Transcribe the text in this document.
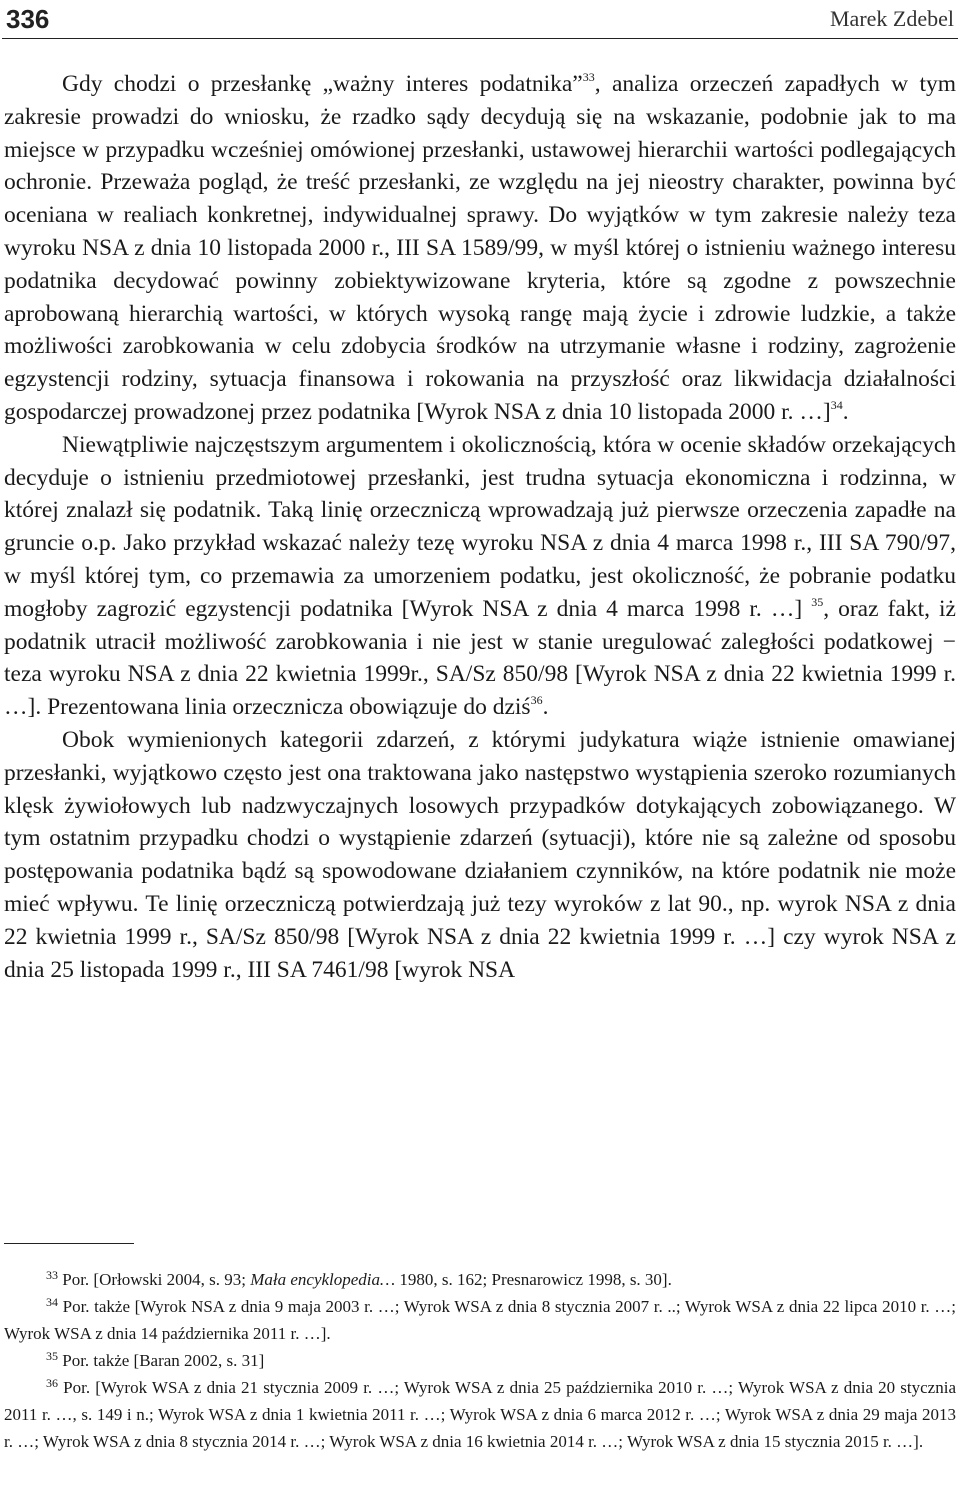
336	Marek Zdebel

Gdy chodzi o przesłankę „ważny interes podatnika”$^{33}$, analiza orzeczeń zapadłych w tym zakresie prowadzi do wniosku, że rzadko sądy decydują się na wskazanie, podobnie jak to ma miejsce w przypadku wcześniej omówionej przesłanki, ustawowej hierarchii wartości podlegających ochronie. Przeważa pogląd, że treść przesłanki, ze względu na jej nieostry charakter, powinna być oceniana w realiach konkretnej, indywidualnej sprawy. Do wyjątków w tym zakresie należy teza wyroku NSA z dnia 10 listopada 2000 r., III SA 1589/99, w myśl której o istnieniu ważnego interesu podatnika decydować powinny zobiektywizowane kryteria, które są zgodne z powszechnie aprobowaną hierarchią wartości, w których wysoką rangę mają życie i zdrowie ludzkie, a także możliwości zarobkowania w celu zdobycia środków na utrzymanie własne i rodziny, zagrożenie egzystencji rodziny, sytuacja finansowa i rokowania na przyszłość oraz likwidacja działalności gospodarczej prowadzonej przez podatnika [Wyrok NSA z dnia 10 listopada 2000 r. …]$^{34}$.

Niewątpliwie najczęstszym argumentem i okolicznością, która w ocenie składów orzekających decyduje o istnieniu przedmiotowej przesłanki, jest trudna sytuacja ekonomiczna i rodzinna, w której znalazł się podatnik. Taką linię orzeczniczą wprowadzają już pierwsze orzeczenia zapadłe na gruncie o.p. Jako przykład wskazać należy tezę wyroku NSA z dnia 4 marca 1998 r., III SA 790/97, w myśl której tym, co przemawia za umorzeniem podatku, jest okoliczność, że pobranie podatku mogłoby zagrozić egzystencji podatnika [Wyrok NSA z dnia 4 marca 1998 r. …] $^{35}$, oraz fakt, iż podatnik utracił możliwość zarobkowania i nie jest w stanie uregulować zaległości podatkowej − teza wyroku NSA z dnia 22 kwietnia 1999r., SA/Sz 850/98 [Wyrok NSA z dnia 22 kwietnia 1999 r. …]. Prezentowana linia orzecznicza obowiązuje do dziś$^{36}$.

Obok wymienionych kategorii zdarzeń, z którymi judykatura wiąże istnienie omawianej przesłanki, wyjątkowo często jest ona traktowana jako następstwo wystąpienia szeroko rozumianych klęsk żywiołowych lub nadzwyczajnych losowych przypadków dotykających zobowiązanego. W tym ostatnim przypadku chodzi o wystąpienie zdarzeń (sytuacji), które nie są zależne od sposobu postępowania podatnika bądź są spowodowane działaniem czynników, na które podatnik nie może mieć wpływu. Te linię orzeczniczą potwierdzają już tezy wyroków z lat 90., np. wyrok NSA z dnia 22 kwietnia 1999 r., SA/Sz 850/98 [Wyrok NSA z dnia 22 kwietnia 1999 r. …] czy wyrok NSA z dnia 25 listopada 1999 r., III SA 7461/98 [wyrok NSA

$^{33}$ Por. [Orłowski 2004, s. 93; Mała encyklopedia… 1980, s. 162; Presnarowicz 1998, s. 30].

$^{34}$ Por. także [Wyrok NSA z dnia 9 maja 2003 r. …; Wyrok WSA z dnia 8 stycznia 2007 r. ..; Wyrok WSA z dnia 22 lipca 2010 r. …; Wyrok WSA z dnia 14 października 2011 r. …].

$^{35}$ Por. także [Baran 2002, s. 31]

$^{36}$ Por. [Wyrok WSA z dnia 21 stycznia 2009 r. …; Wyrok WSA z dnia 25 października 2010 r. …; Wyrok WSA z dnia 20 stycznia 2011 r. …, s. 149 i n.; Wyrok WSA z dnia 1 kwietnia 2011 r. …; Wyrok WSA z dnia 6 marca 2012 r. …; Wyrok WSA z dnia 29 maja 2013 r. …; Wyrok WSA z dnia 8 stycznia 2014 r. …; Wyrok WSA z dnia 16 kwietnia 2014 r. …; Wyrok WSA z dnia 15 stycznia 2015 r. …].
